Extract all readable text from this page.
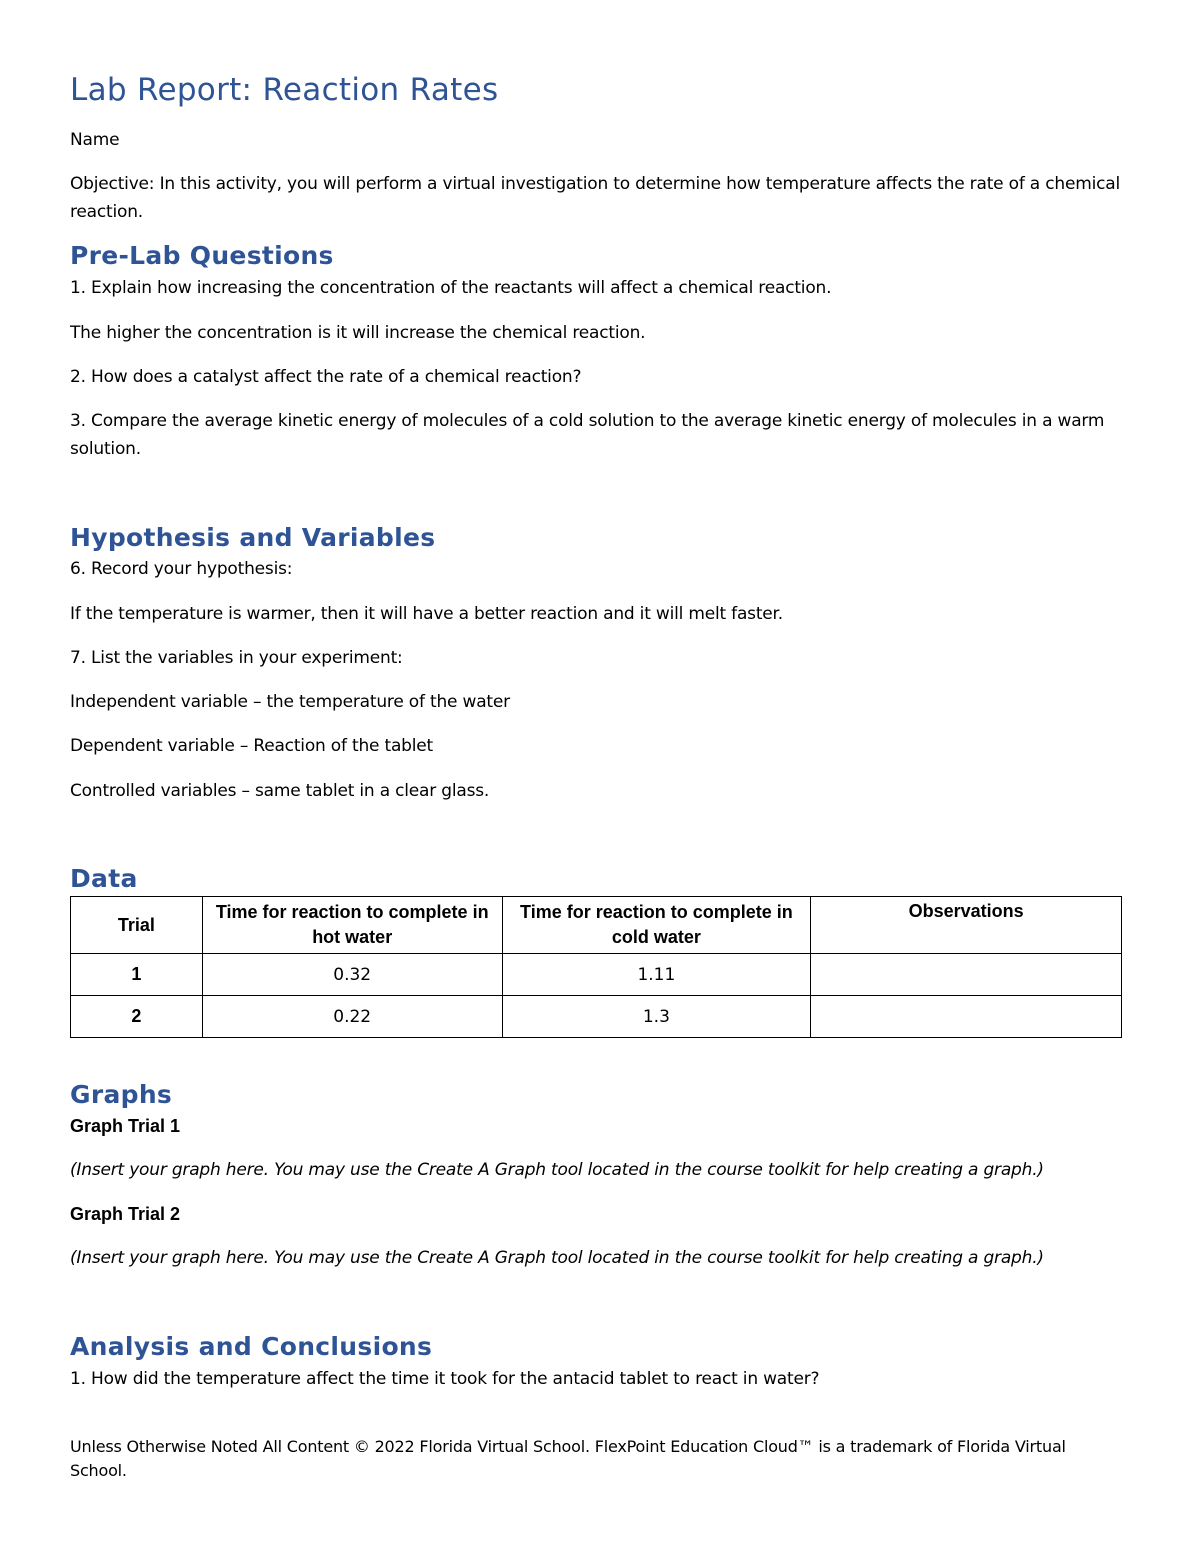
Lab Report: Reaction Rates

Name

Objective: In this activity, you will perform a virtual investigation to determine how temperature affects the rate of a chemical reaction.

Pre-Lab Questions

1. Explain how increasing the concentration of the reactants will affect a chemical reaction.

The higher the concentration is it will increase the chemical reaction.

2. How does a catalyst affect the rate of a chemical reaction?

3. Compare the average kinetic energy of molecules of a cold solution to the average kinetic energy of molecules in a warm solution.

Hypothesis and Variables

6. Record your hypothesis:

If the temperature is warmer, then it will have a better reaction and it will melt faster.

7. List the variables in your experiment:

Independent variable – the temperature of the water

Dependent variable – Reaction of the tablet

Controlled variables – same tablet in a clear glass.

Data
Trial	Time for reaction to complete in hot water	Time for reaction to complete in cold water	Observations
1	0.32	1.11	
2	0.22	1.3	
Graphs

Graph Trial 1

(Insert your graph here. You may use the Create A Graph tool located in the course toolkit for help creating a graph.)

Graph Trial 2

(Insert your graph here. You may use the Create A Graph tool located in the course toolkit for help creating a graph.)

Analysis and Conclusions

1. How did the temperature affect the time it took for the antacid tablet to react in water?

Unless Otherwise Noted All Content © 2022 Florida Virtual School. FlexPoint Education Cloud™ is a trademark of Florida Virtual School.
